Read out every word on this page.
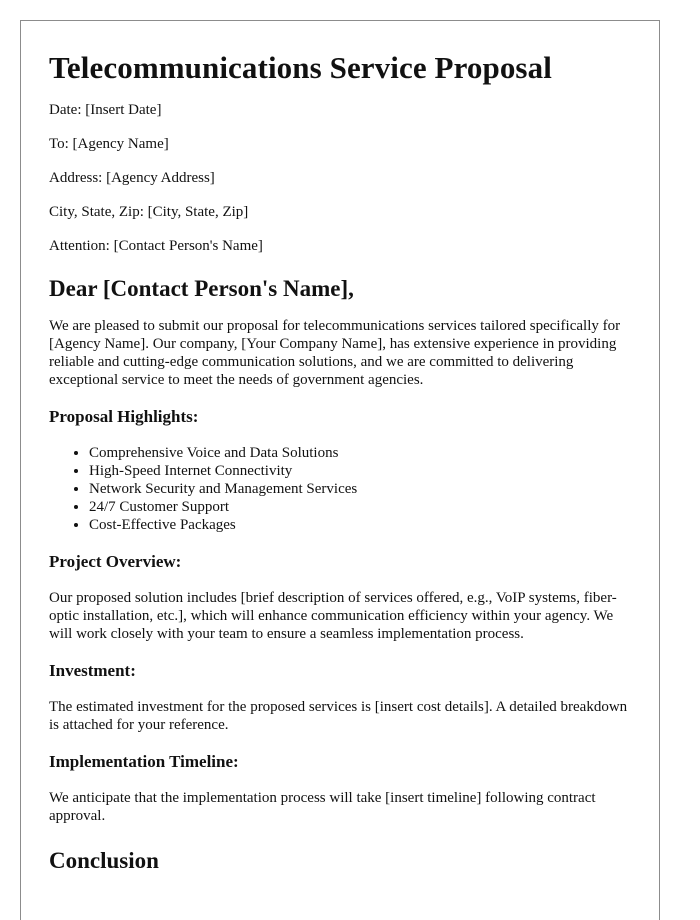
Telecommunications Service Proposal
Date: [Insert Date]
To: [Agency Name]
Address: [Agency Address]
City, State, Zip: [City, State, Zip]
Attention: [Contact Person's Name]
Dear [Contact Person's Name],

We are pleased to submit our proposal for telecommunications services tailored specifically for [Agency Name]. Our company, [Your Company Name], has extensive experience in providing reliable and cutting-edge communication solutions, and we are committed to delivering exceptional service to meet the needs of government agencies.

Proposal Highlights:
• Comprehensive Voice and Data Solutions
• High-Speed Internet Connectivity
• Network Security and Management Services
• 24/7 Customer Support
• Cost-Effective Packages
Project Overview:

Our proposed solution includes [brief description of services offered, e.g., VoIP systems, fiber-optic installation, etc.], which will enhance communication efficiency within your agency. We will work closely with your team to ensure a seamless implementation process.

Investment:

The estimated investment for the proposed services is [insert cost details]. A detailed breakdown is attached for your reference.

Implementation Timeline:

We anticipate that the implementation process will take [insert timeline] following contract approval.

Conclusion
